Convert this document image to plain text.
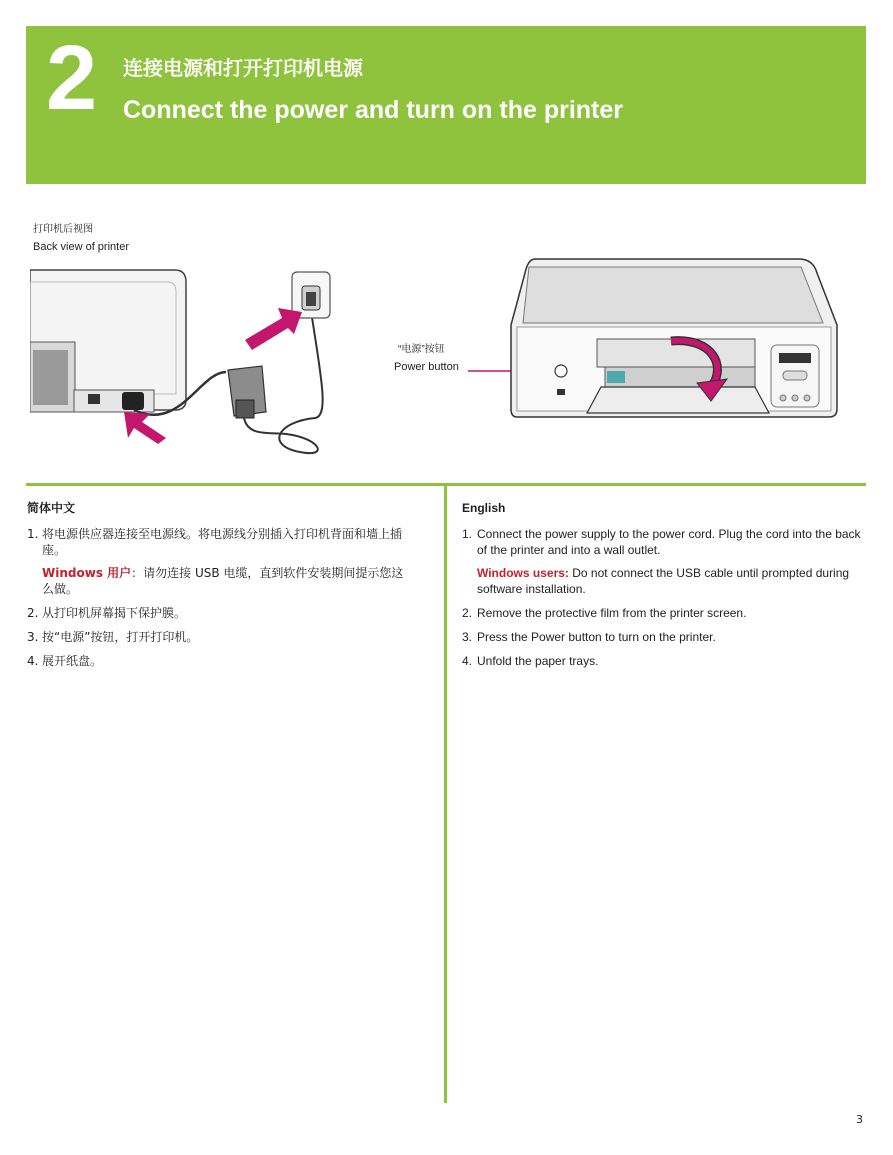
2 连接电源和打开打印机电源
Connect the power and turn on the printer
打印机后视图
Back view of printer
“电源”按钮
Power button
简体中文
1. 将电源供应器连接至电源线。将电源线分别插入打印机背面和墙上插座。
Windows 用户：请勿连接 USB 电缆，直到软件安装期间提示您这么做。
2. 从打印机屏幕揭下保护膜。
3. 按“电源”按钮，打开打印机。
4. 展开纸盘。
English
1. Connect the power supply to the power cord. Plug the cord into the back of the printer and into a wall outlet.
Windows users: Do not connect the USB cable until prompted during software installation.
2. Remove the protective film from the printer screen.
3. Press the Power button to turn on the printer.
4. Unfold the paper trays.
3
